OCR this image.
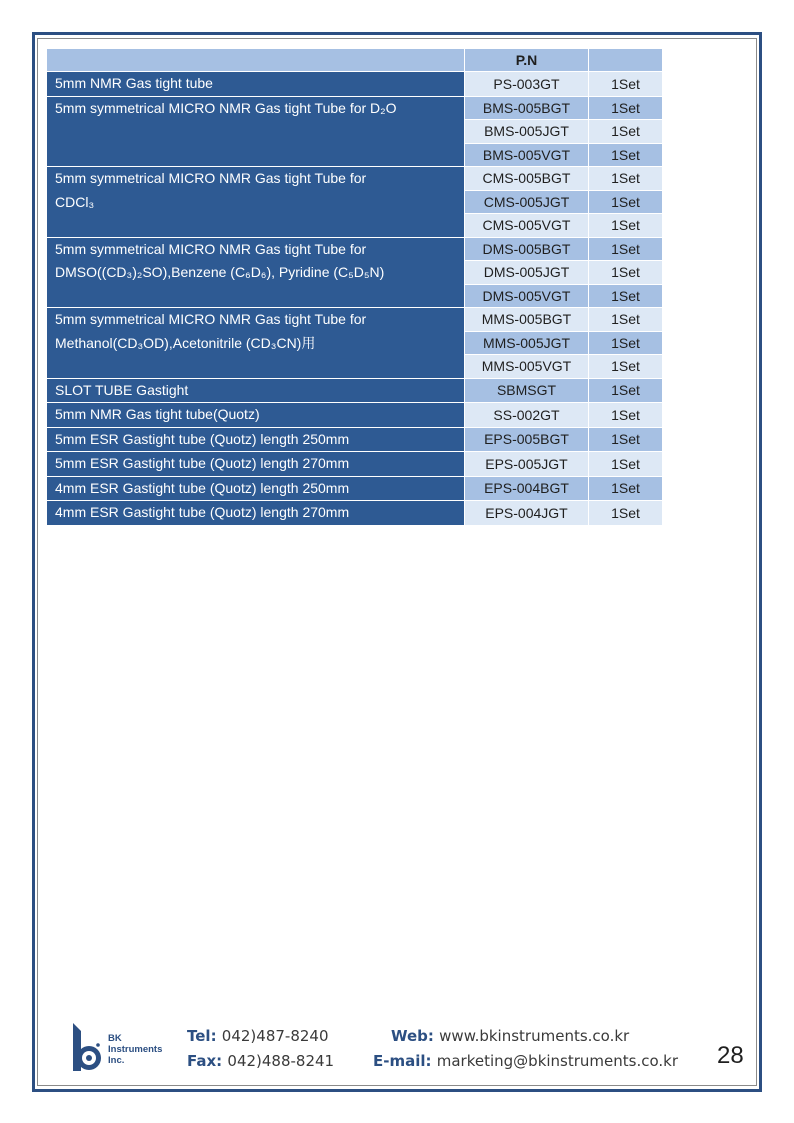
	P.N	

5mm NMR Gas tight tube	PS-003GT	1Set

5mm symmetrical MICRO NMR Gas tight Tube for D₂O	BMS-005BGT	1Set
	BMS-005JGT	1Set
	BMS-005VGT	1Set

5mm symmetrical MICRO NMR Gas tight Tube for
CDCl₃	CMS-005BGT	1Set
	CMS-005JGT	1Set
	CMS-005VGT	1Set

5mm symmetrical MICRO NMR Gas tight Tube for
DMSO((CD₃)₂SO),Benzene (C₆D₆), Pyridine (C₅D₅N)	DMS-005BGT	1Set
	DMS-005JGT	1Set
	DMS-005VGT	1Set

5mm symmetrical MICRO NMR Gas tight Tube for
Methanol(CD₃OD),Acetonitrile (CD₃CN)用	MMS-005BGT	1Set
	MMS-005JGT	1Set
	MMS-005VGT	1Set

SLOT TUBE Gastight	SBMSGT	1Set

5mm NMR Gas tight tube(Quotz)	SS-002GT	1Set

5mm ESR Gastight tube (Quotz) length 250mm	EPS-005BGT	1Set

5mm ESR Gastight tube (Quotz) length 270mm	EPS-005JGT	1Set

4mm ESR Gastight tube (Quotz) length 250mm	EPS-004BGT	1Set

4mm ESR Gastight tube (Quotz) length 270mm	EPS-004JGT	1Set
BK
Instruments
Inc.
Tel: 042)487-8240
Fax: 042)488-8241
Web: www.bkinstruments.co.kr
E-mail: marketing@bkinstruments.co.kr 28
